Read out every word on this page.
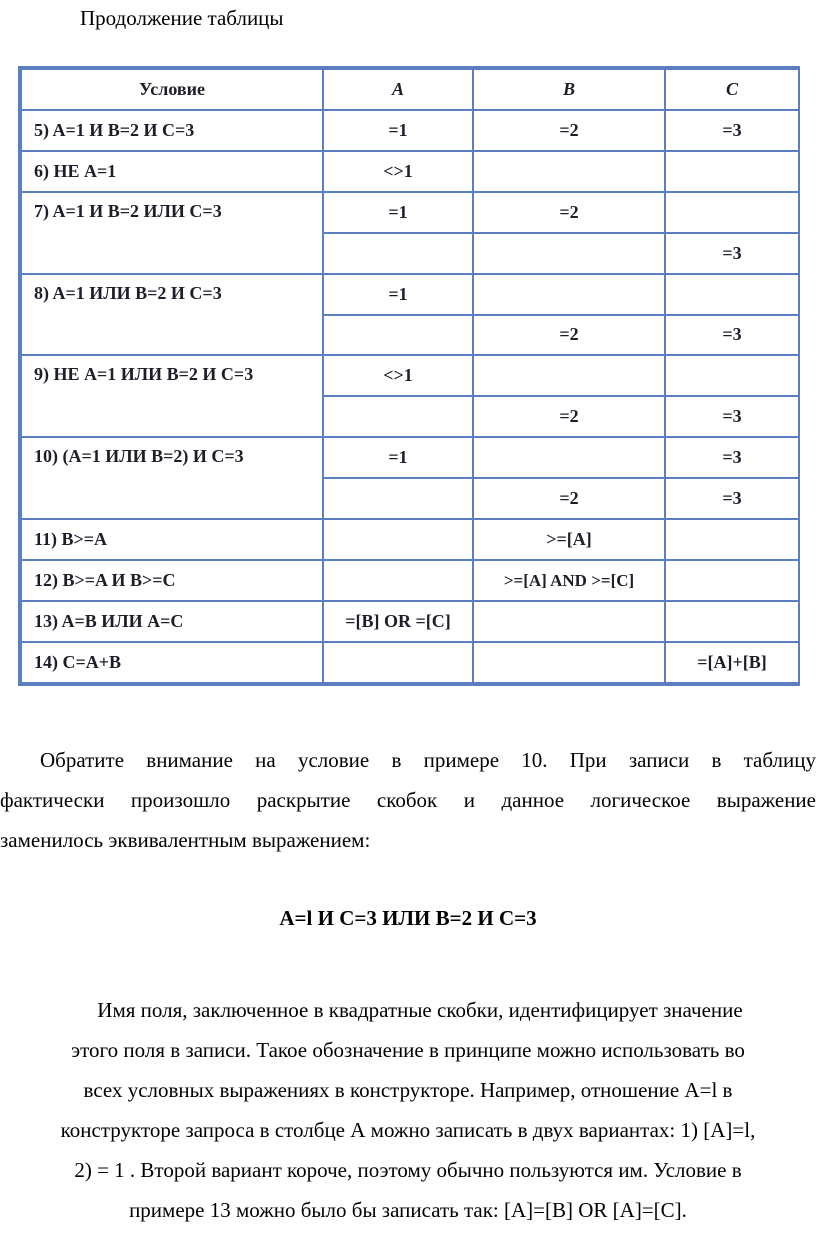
Продолжение таблицы
Условие	A	B	C
5) A=1 И B=2 И C=3	=1	=2	=3
6) НЕ A=1	<>1		
7) A=1 И B=2 ИЛИ C=3	=1	=2	
			=3
8) A=1 ИЛИ B=2 И C=3	=1		
		=2	=3
9) НЕ A=1 ИЛИ B=2 И C=3	<>1		
		=2	=3
10) (A=1 ИЛИ B=2) И C=3	=1		=3
		=2	=3
11) B>=A		>=[A]	
12) B>=A И B>=C		>=[A] AND >=[C]	
13) A=B ИЛИ A=C	=[B] OR =[C]		
14) C=A+B			=[A]+[B]
Обратите внимание на условие в примере 10. При записи в таблицу
фактически произошло раскрытие скобок и данное логическое выражение
заменилось эквивалентным выражением:
A=l И С=3 ИЛИ В=2 И С=3
Имя поля, заключенное в квадратные скобки, идентифицирует значение
этого поля в записи. Такое обозначение в принципе можно использовать во
всех условных выражениях в конструкторе. Например, отношение A=l в
конструкторе запроса в столбце А можно записать в двух вариантах: 1) [A]=l,
2) = 1 . Второй вариант короче, поэтому обычно пользуются им. Условие в
примере 13 можно было бы записать так: [A]=[B] OR [A]=[C].
